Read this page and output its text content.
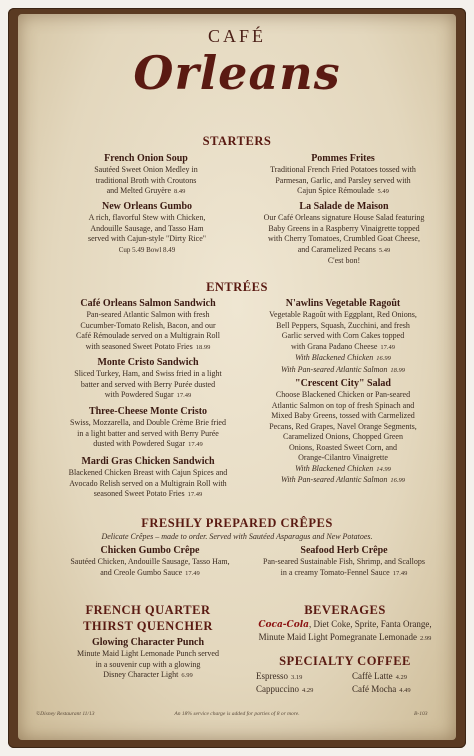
CAFÉ
Orleans
STARTERS
French Onion Soup
Sautéed Sweet Onion Medley in
traditional Broth with Croutons
and Melted Gruyère 8.49
New Orleans Gumbo
A rich, flavorful Stew with Chicken,
Andouille Sausage, and Tasso Ham
served with Cajun-style "Dirty Rice"
Cup 5.49 Bowl 8.49
Pommes Frites
Traditional French Fried Potatoes tossed with
Parmesan, Garlic, and Parsley served with
Cajun Spice Rémoulade 5.49
La Salade de Maison
Our Café Orleans signature House Salad featuring
Baby Greens in a Raspberry Vinaigrette topped
with Cherry Tomatoes, Crumbled Goat Cheese,
and Caramelized Pecans 5.49
C'est bon!
ENTRÉES
Café Orleans Salmon Sandwich
Pan-seared Atlantic Salmon with fresh
Cucumber-Tomato Relish, Bacon, and our
Café Rémoulade served on a Multigrain Roll
with seasoned Sweet Potato Fries 18.99
Monte Cristo Sandwich
Sliced Turkey, Ham, and Swiss fried in a light
batter and served with Berry Purée dusted
with Powdered Sugar 17.49
Three-Cheese Monte Cristo
Swiss, Mozzarella, and Double Crème Brie fried
in a light batter and served with Berry Purée
dusted with Powdered Sugar 17.49
Mardi Gras Chicken Sandwich
Blackened Chicken Breast with Cajun Spices and
Avocado Relish served on a Multigrain Roll with
seasoned Sweet Potato Fries 17.49
N'awlins Vegetable Ragoût
Vegetable Ragoût with Eggplant, Red Onions,
Bell Peppers, Squash, Zucchini, and fresh
Garlic served with Corn Cakes topped
with Grana Padano Cheese 17.49
With Blackened Chicken 16.99
With Pan-seared Atlantic Salmon 18.99
"Crescent City" Salad
Choose Blackened Chicken or Pan-seared
Atlantic Salmon on top of fresh Spinach and
Mixed Baby Greens, tossed with Carmelized
Pecans, Red Grapes, Navel Orange Segments,
Caramelized Onions, Chopped Green
Onions, Roasted Sweet Corn, and
Orange-Cilantro Vinaigrette
With Blackened Chicken 14.99
With Pan-seared Atlantic Salmon 16.99
FRESHLY PREPARED CRÊPES
Delicate Crêpes – made to order. Served with Sautéed Asparagus and New Potatoes.
Chicken Gumbo Crêpe
Sautéed Chicken, Andouille Sausage, Tasso Ham,
and Creole Gumbo Sauce 17.49
Seafood Herb Crêpe
Pan-seared Sustainable Fish, Shrimp, and Scallops
in a creamy Tomato-Fennel Sauce 17.49
FRENCH QUARTER
THIRST QUENCHER
Glowing Character Punch
Minute Maid Light Lemonade Punch served
in a souvenir cup with a glowing
Disney Character Light 6.99
BEVERAGES
Coca-Cola, Diet Coke, Sprite, Fanta Orange,
Minute Maid Light Pomegranate Lemonade 2.99
SPECIALTY COFFEE
Espresso 3.19	Caffè Latte 4.29
Cappuccino 4.29	Café Mocha 4.49
©Disney Restaurant 11/13	An 18% service charge is added for parties of 8 or more.	B-103
